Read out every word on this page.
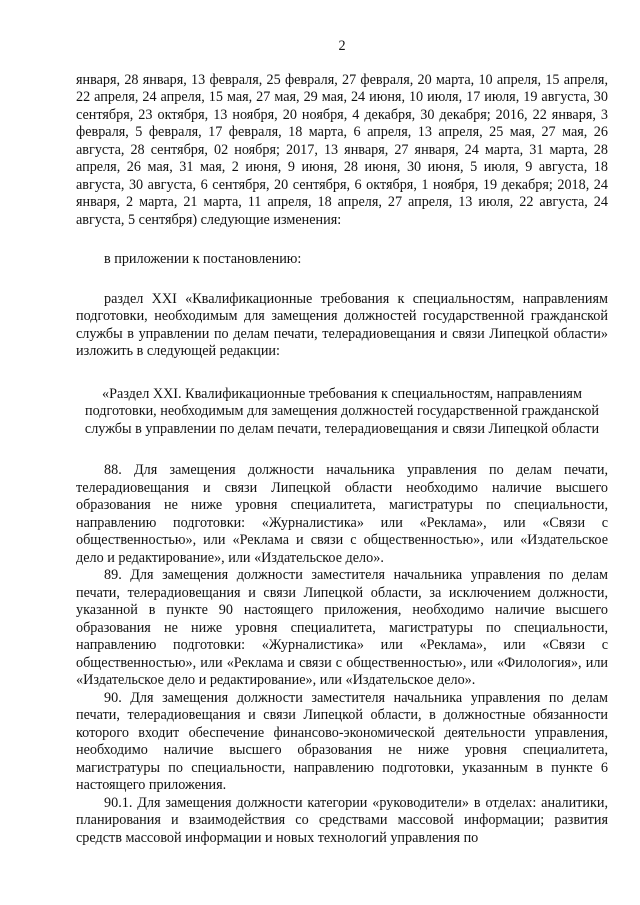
2

января, 28 января, 13 февраля, 25 февраля, 27 февраля, 20 марта, 10 апреля, 15 апреля, 22 апреля, 24 апреля, 15 мая, 27 мая, 29 мая, 24 июня, 10 июля, 17 июля, 19 августа, 30 сентября, 23 октября, 13 ноября, 20 ноября, 4 декабря, 30 декабря; 2016, 22 января, 3 февраля, 5 февраля, 17 февраля, 18 марта, 6 апреля, 13 апреля, 25 мая, 27 мая, 26 августа, 28 сентября, 02 ноября; 2017, 13 января, 27 января, 24 марта, 31 марта, 28 апреля, 26 мая, 31 мая, 2 июня, 9 июня, 28 июня, 30 июня, 5 июля, 9 августа, 18 августа, 30 августа, 6 сентября, 20 сентября, 6 октября, 1 ноября, 19 декабря; 2018, 24 января, 2 марта, 21 марта, 11 апреля, 18 апреля, 27 апреля, 13 июля, 22 августа, 24 августа, 5 сентября) следующие изменения:

в приложении к постановлению:

раздел XXI «Квалификационные требования к специальностям, направлениям подготовки, необходимым для замещения должностей государственной гражданской службы в управлении по делам печати, телерадиовещания и связи Липецкой области» изложить в следующей редакции:

«Раздел XXI. Квалификационные требования к специальностям, направлениям подготовки, необходимым для замещения должностей государственной гражданской службы в управлении по делам печати, телерадиовещания и связи Липецкой области

88. Для замещения должности начальника управления по делам печати, телерадиовещания и связи Липецкой области необходимо наличие высшего образования не ниже уровня специалитета, магистратуры по специальности, направлению подготовки: «Журналистика» или «Реклама», или «Связи с общественностью», или «Реклама и связи с общественностью», или «Издательское дело и редактирование», или «Издательское дело».

89. Для замещения должности заместителя начальника управления по делам печати, телерадиовещания и связи Липецкой области, за исключением должности, указанной в пункте 90 настоящего приложения, необходимо наличие высшего образования не ниже уровня специалитета, магистратуры по специальности, направлению подготовки: «Журналистика» или «Реклама», или «Связи с общественностью», или «Реклама и связи с общественностью», или «Филология», или «Издательское дело и редактирование», или «Издательское дело».

90. Для замещения должности заместителя начальника управления по делам печати, телерадиовещания и связи Липецкой области, в должностные обязанности которого входит обеспечение финансово-экономической деятельности управления, необходимо наличие высшего образования не ниже уровня специалитета, магистратуры по специальности, направлению подготовки, указанным в пункте 6 настоящего приложения.

90.1. Для замещения должности категории «руководители» в отделах: аналитики, планирования и взаимодействия со средствами массовой информации; развития средств массовой информации и новых технологий управления по
